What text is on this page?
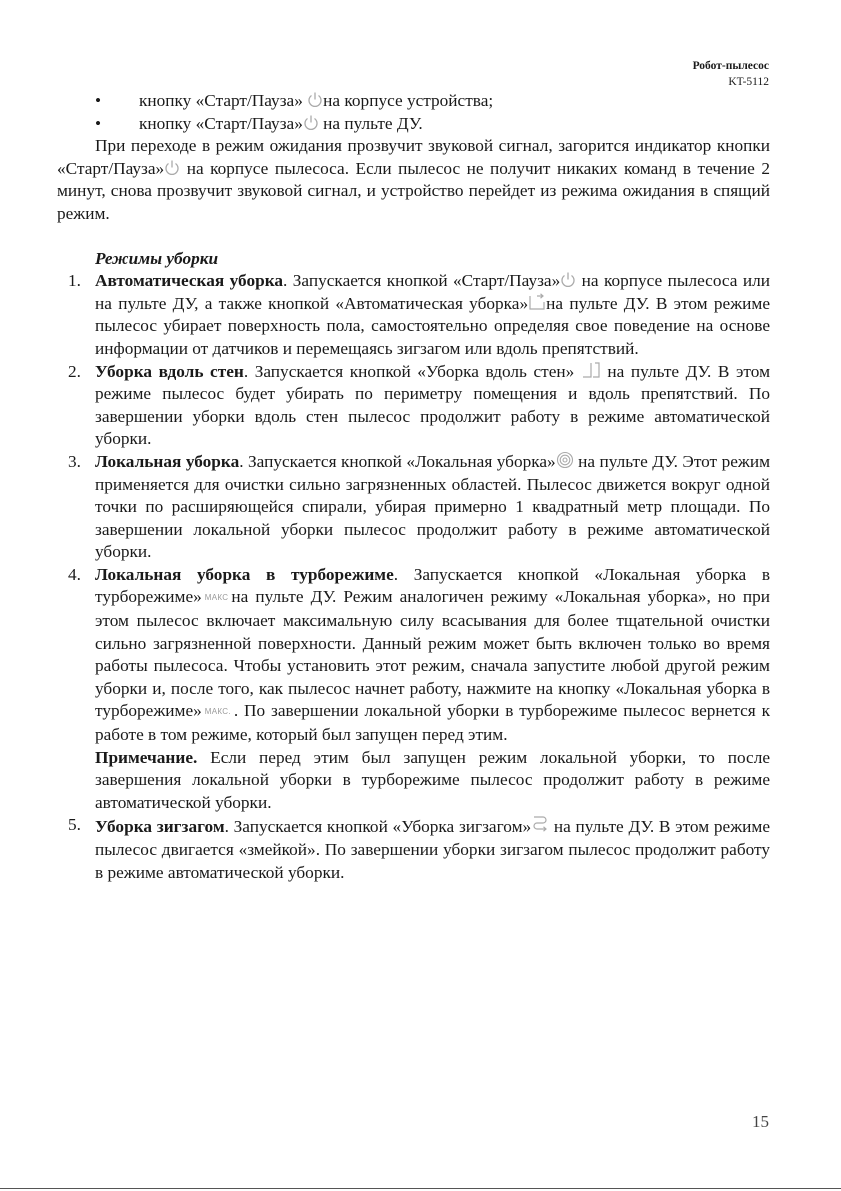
Робот-пылесос
KT-5112
• кнопку «Старт/Пауза»
на корпусе устройства;
• кнопку «Старт/Пауза»
на пульте ДУ.
При переходе в режим ожидания прозвучит звуковой сигнал, загорится индикатор кнопки «Старт/Пауза»
на корпусе пылесоса. Если пылесос не получит никаких команд в течение 2 минут, снова прозвучит звуковой сигнал, и устройство перейдет из режима ожидания в спящий режим.
Режимы уборки
1. Автоматическая уборка. Запускается кнопкой «Старт/Пауза»
на корпусе пылесоса или на пульте ДУ, а также кнопкой «Автоматическая уборка» на пульте ДУ. В этом режиме пылесос убирает поверхность пола, самостоятельно определяя свое поведение на основе информации от датчиков и перемещаясь зигзагом или вдоль препятствий.
2. Уборка вдоль стен. Запускается кнопкой «Уборка вдоль стен»
на пульте ДУ. В этом режиме пылесос будет убирать по периметру помещения и вдоль препятствий. По завершении уборки вдоль стен пылесос продолжит работу в режиме автоматической уборки.
3. Локальная уборка. Запускается кнопкой «Локальная уборка»
на пульте ДУ. Этот режим применяется для очистки сильно загрязненных областей. Пылесос движется вокруг одной точки по расширяющейся спирали, убирая примерно 1 квадратный метр площади. По завершении локальной уборки пылесос продолжит работу в режиме автоматической уборки.
4. Локальная уборка в турборежиме. Запускается кнопкой «Локальная уборка в турборежиме» МАКС на пульте ДУ. Режим аналогичен режиму «Локальная уборка», но при этом пылесос включает максимальную силу всасывания для более тщательной очистки сильно загрязненной поверхности. Данный режим может быть включен только во время работы пылесоса. Чтобы установить этот режим, сначала запустите любой другой режим уборки и, после того, как пылесос начнет работу, нажмите на кнопку «Локальная уборка в турборежиме» МАКС. . По завершении локальной уборки в турборежиме пылесос вернется к работе в том режиме, который был запущен перед этим.
Примечание. Если перед этим был запущен режим локальной уборки, то после завершения локальной уборки в турборежиме пылесос продолжит работу в режиме автоматической уборки.
5. Уборка зигзагом. Запускается кнопкой «Уборка зигзагом»
на пульте ДУ. В этом режиме пылесос двигается «змейкой». По завершении уборки зигзагом пылесос продолжит работу в режиме автоматической уборки.
15
